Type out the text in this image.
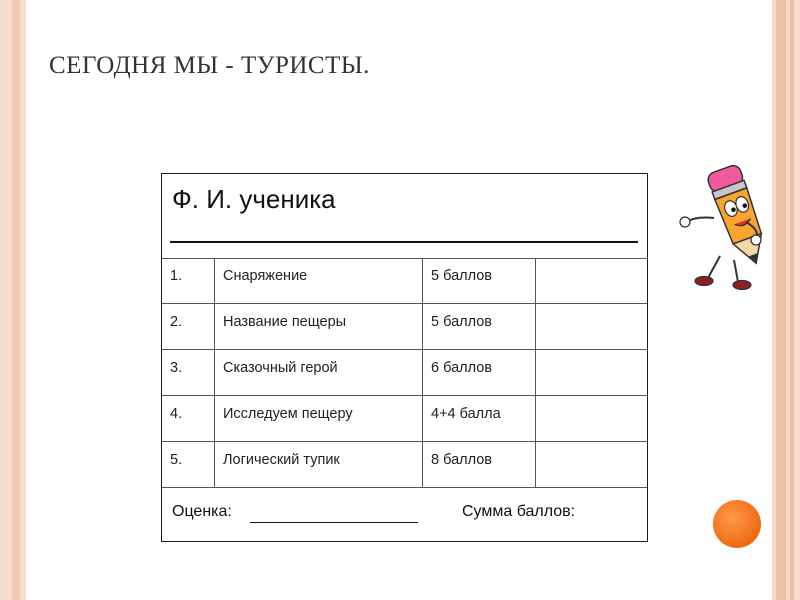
СЕГОДНЯ МЫ - ТУРИСТЫ.
Ф. И. ученика
1.	Снаряжение	5 баллов
2.	Название пещеры	5 баллов
3.	Сказочный герой	6 баллов
4.	Исследуем пещеру	4+4 балла
5.	Логический тупик	8 баллов
Оценка:	Сумма баллов:
